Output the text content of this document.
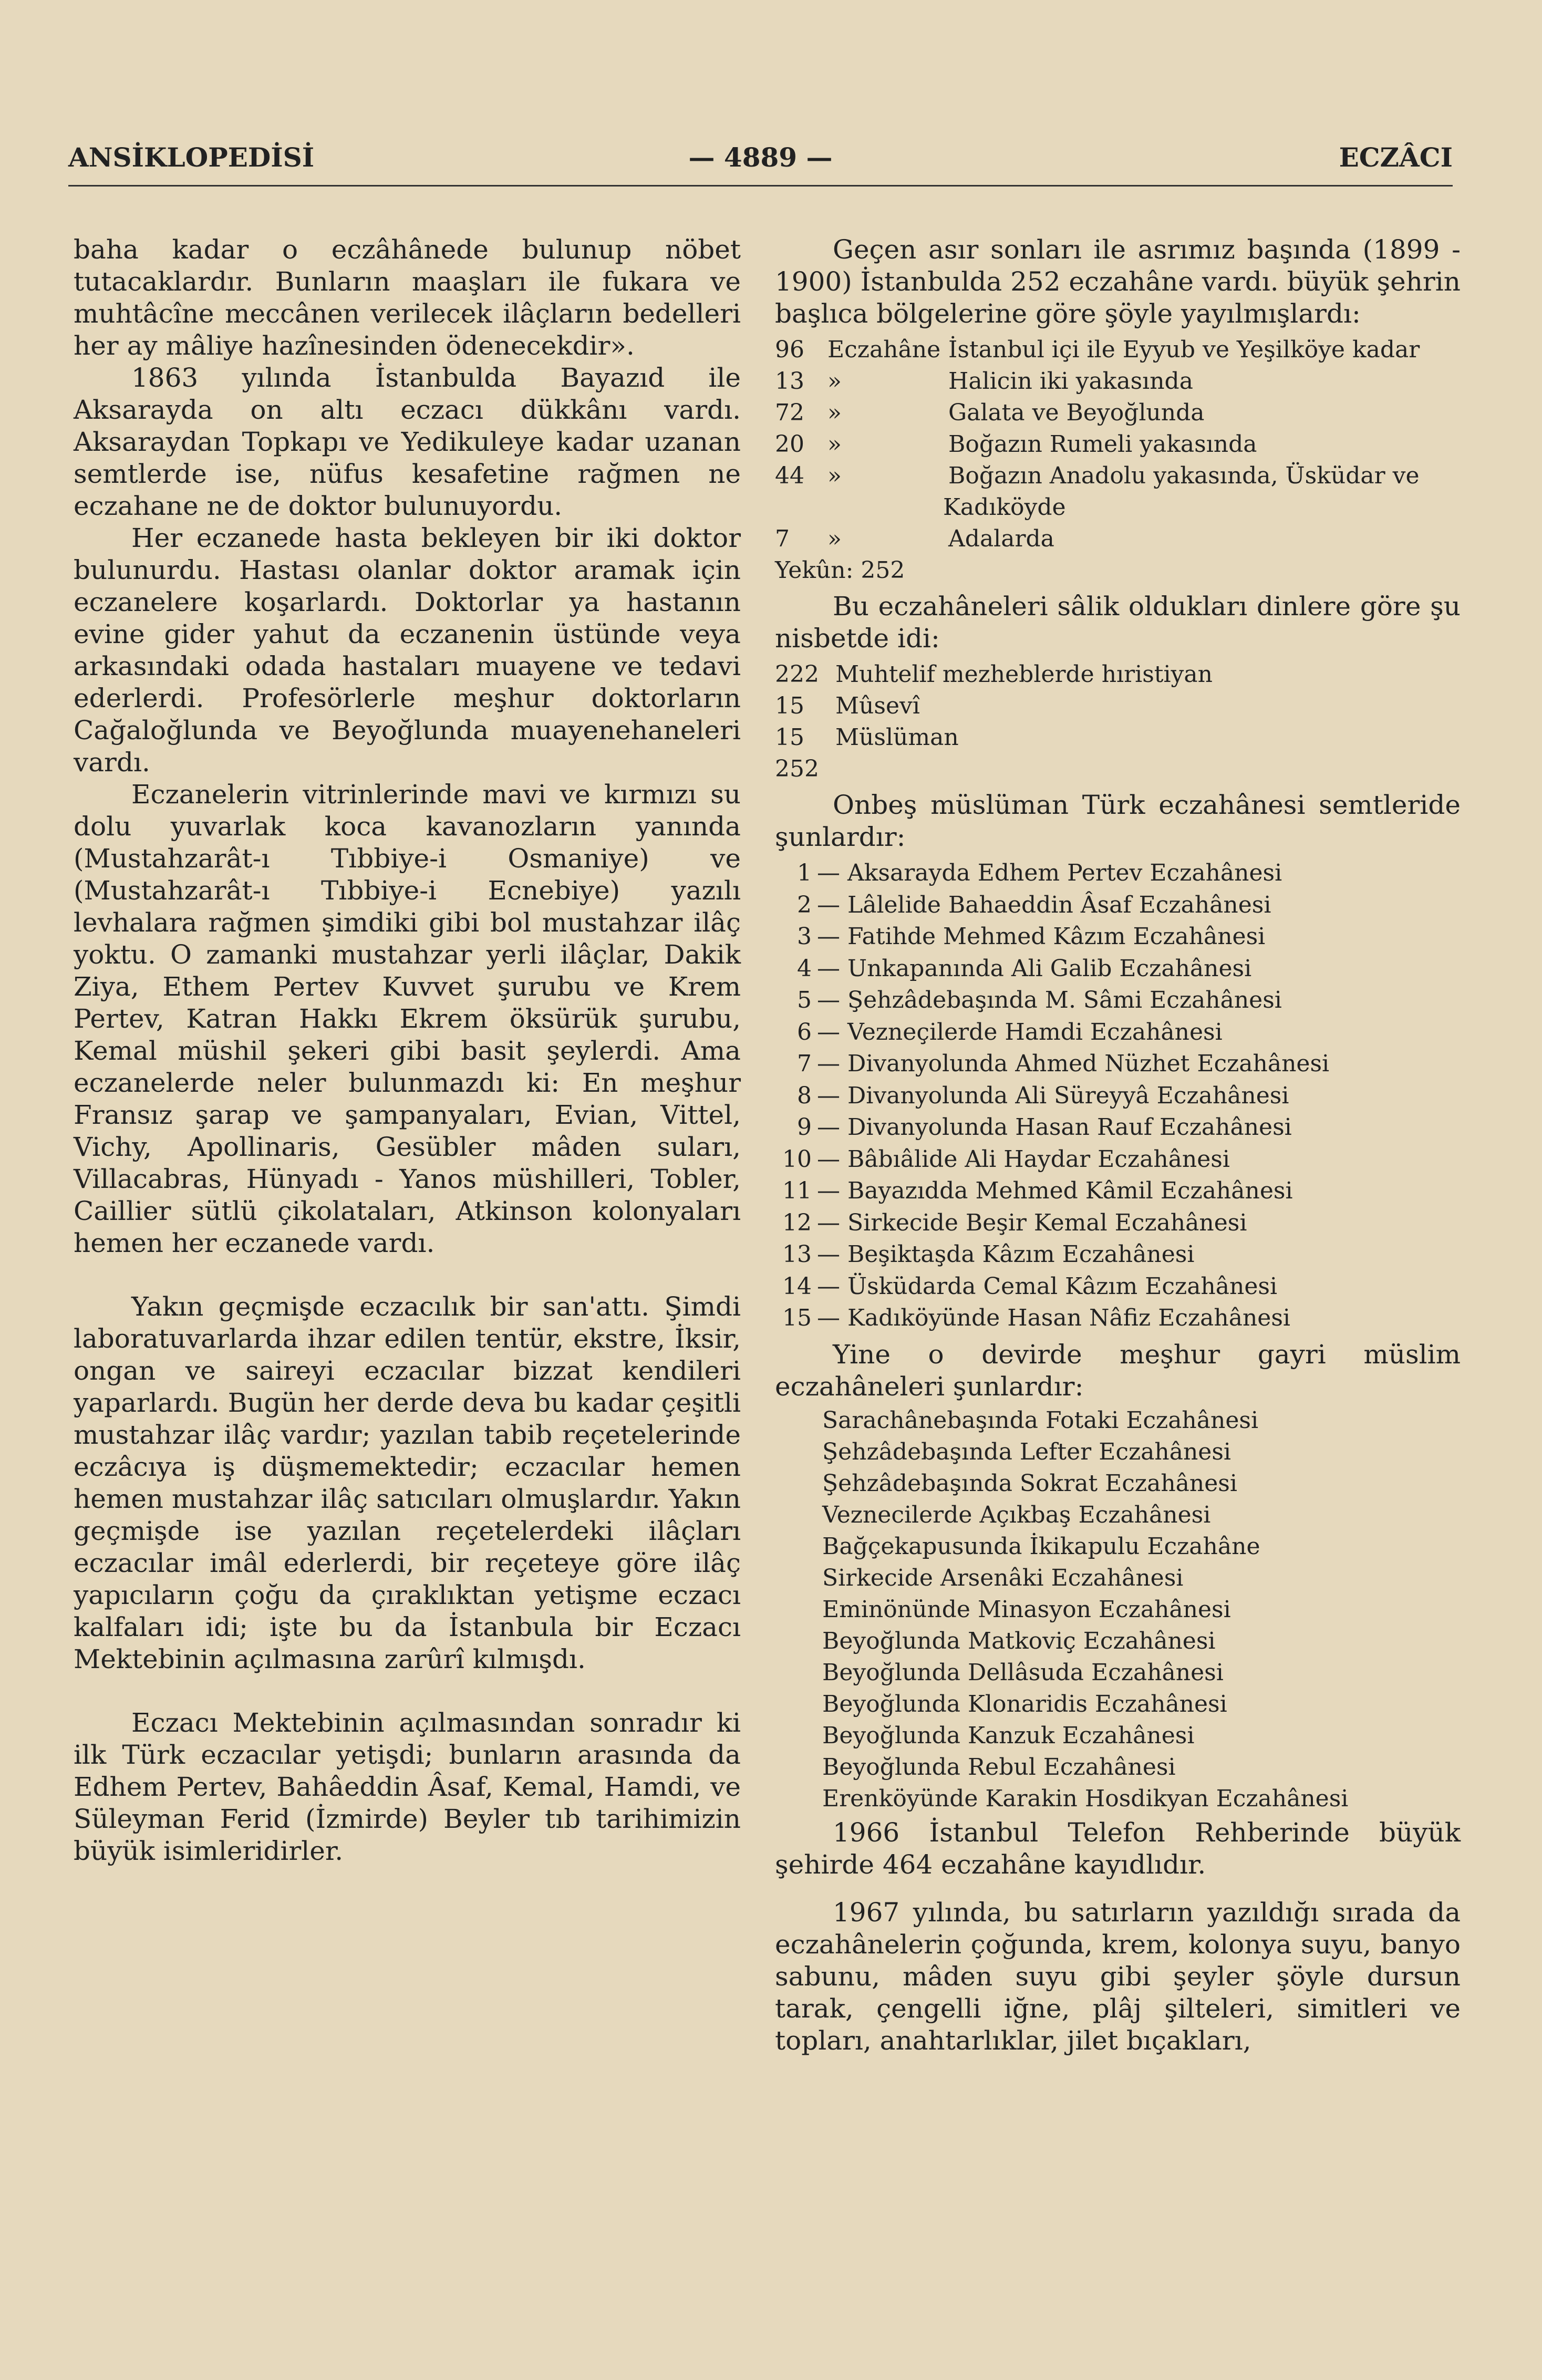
ANSİKLOPEDİSİ	— 4889 —	ECZÂCI

baha kadar o eczâhânede bulunup nöbet tutacaklardır. Bunların maaşları ile fukara ve muhtâcîne meccânen verilecek ilâçların bedelleri her ay mâliye hazînesinden ödenecekdir».

1863 yılında İstanbulda Bayazıd ile Aksarayda on altı eczacı dükkânı vardı. Aksaraydan Topkapı ve Yedikuleye kadar uzanan semtlerde ise, nüfus kesafetine rağmen ne eczahane ne de doktor bulunuyordu.

Her eczanede hasta bekleyen bir iki doktor bulunurdu. Hastası olanlar doktor aramak için eczanelere koşarlardı. Doktorlar ya hastanın evine gider yahut da eczanenin üstünde veya arkasındaki odada hastaları muayene ve tedavi ederlerdi. Profesörlerle meşhur doktorların Cağaloğlunda ve Beyoğlunda muayenehaneleri vardı.

Eczanelerin vitrinlerinde mavi ve kırmızı su dolu yuvarlak koca kavanozların yanında (Mustahzarât-ı Tıbbiye-i Osmaniye) ve (Mustahzarât-ı Tıbbiye-i Ecnebiye) yazılı levhalara rağmen şimdiki gibi bol mustahzar ilâç yoktu. O zamanki mustahzar yerli ilâçlar, Dakik Ziya, Ethem Pertev Kuvvet şurubu ve Krem Pertev, Katran Hakkı Ekrem öksürük şurubu, Kemal müshil şekeri gibi basit şeylerdi. Ama eczanelerde neler bulunmazdı ki: En meşhur Fransız şarap ve şampanyaları, Evian, Vittel, Vichy, Apollinaris, Gesübler mâden suları, Villacabras, Hünyadı - Yanos müshilleri, Tobler, Caillier sütlü çikolataları, Atkinson kolonyaları hemen her eczanede vardı.

Yakın geçmişde eczacılık bir san'attı. Şimdi laboratuvarlarda ihzar edilen tentür, ekstre, İksir, ongan ve saireyi eczacılar bizzat kendileri yaparlardı. Bugün her derde deva bu kadar çeşitli mustahzar ilâç vardır; yazılan tabib reçetelerinde eczâcıya iş düşmemektedir; eczacılar hemen hemen mustahzar ilâç satıcıları olmuşlardır. Yakın geçmişde ise yazılan reçetelerdeki ilâçları eczacılar imâl ederlerdi, bir reçeteye göre ilâç yapıcıların çoğu da çıraklıktan yetişme eczacı kalfaları idi; işte bu da İstanbula bir Eczacı Mektebinin açılmasına zarûrî kılmışdı.

Eczacı Mektebinin açılmasından sonradır ki ilk Türk eczacılar yetişdi; bunların arasında da Edhem Pertev, Bahâeddin Âsaf, Kemal, Hamdi, ve Süleyman Ferid (İzmirde) Beyler tıb tarihimizin büyük isimleridirler.

Geçen asır sonları ile asrımız başında (1899 - 1900) İstanbulda 252 eczahâne vardı. büyük şehrin başlıca bölgelerine göre şöyle yayılmışlardı:

96	Eczahâne İstanbul içi ile Eyyub ve Yeşilköye kadar
13	»	Halicin iki yakasında
72	»	Galata ve Beyoğlunda
20	»	Boğazın Rumeli yakasında
44	»	Boğazın Anadolu yakasında, Üsküdar ve
Kadıköyde
7	»	Adalarda
Yekûn: 252

Bu eczahâneleri sâlik oldukları dinlere göre şu nisbetde idi:

222 Muhtelif mezheblerde hıristiyan
15	Mûsevî
15	Müslüman
252

Onbeş müslüman Türk eczahânesi semtleride şunlardır:

1 — Aksarayda Edhem Pertev Eczahânesi
2 — Lâlelide Bahaeddin Âsaf Eczahânesi
3 — Fatihde Mehmed Kâzım Eczahânesi
4 — Unkapanında Ali Galib Eczahânesi
5 — Şehzâdebaşında M. Sâmi Eczahânesi
6 — Vezneçilerde Hamdi Eczahânesi
7 — Divanyolunda Ahmed Nüzhet Eczahânesi
8 — Divanyolunda Ali Süreyyâ Eczahânesi
9 — Divanyolunda Hasan Rauf Eczahânesi
10 — Bâbıâlide Ali Haydar Eczahânesi
11 — Bayazıdda Mehmed Kâmil Eczahânesi
12 — Sirkecide Beşir Kemal Eczahânesi
13 — Beşiktaşda Kâzım Eczahânesi
14 — Üsküdarda Cemal Kâzım Eczahânesi
15 — Kadıköyünde Hasan Nâfiz Eczahânesi

Yine o devirde meşhur gayri müslim eczahâneleri şunlardır:

Sarachânebaşında Fotaki Eczahânesi
Şehzâdebaşında Lefter Eczahânesi
Şehzâdebaşında Sokrat Eczahânesi
Veznecilerde Açıkbaş Eczahânesi
Bağçekapusunda İkikapulu Eczahâne
Sirkecide Arsenâki Eczahânesi
Eminönünde Minasyon Eczahânesi
Beyoğlunda Matkoviç Eczahânesi
Beyoğlunda Dellâsuda Eczahânesi
Beyoğlunda Klonaridis Eczahânesi
Beyoğlunda Kanzuk Eczahânesi
Beyoğlunda Rebul Eczahânesi
Erenköyünde Karakin Hosdikyan Eczahânesi

1966 İstanbul Telefon Rehberinde büyük şehirde 464 eczahâne kayıdlıdır.

1967 yılında, bu satırların yazıldığı sırada da eczahânelerin çoğunda, krem, kolonya suyu, banyo sabunu, mâden suyu gibi şeyler şöyle dursun tarak, çengelli iğne, plâj şilteleri, simitleri ve topları, anahtarlıklar, jilet bıçakları,
